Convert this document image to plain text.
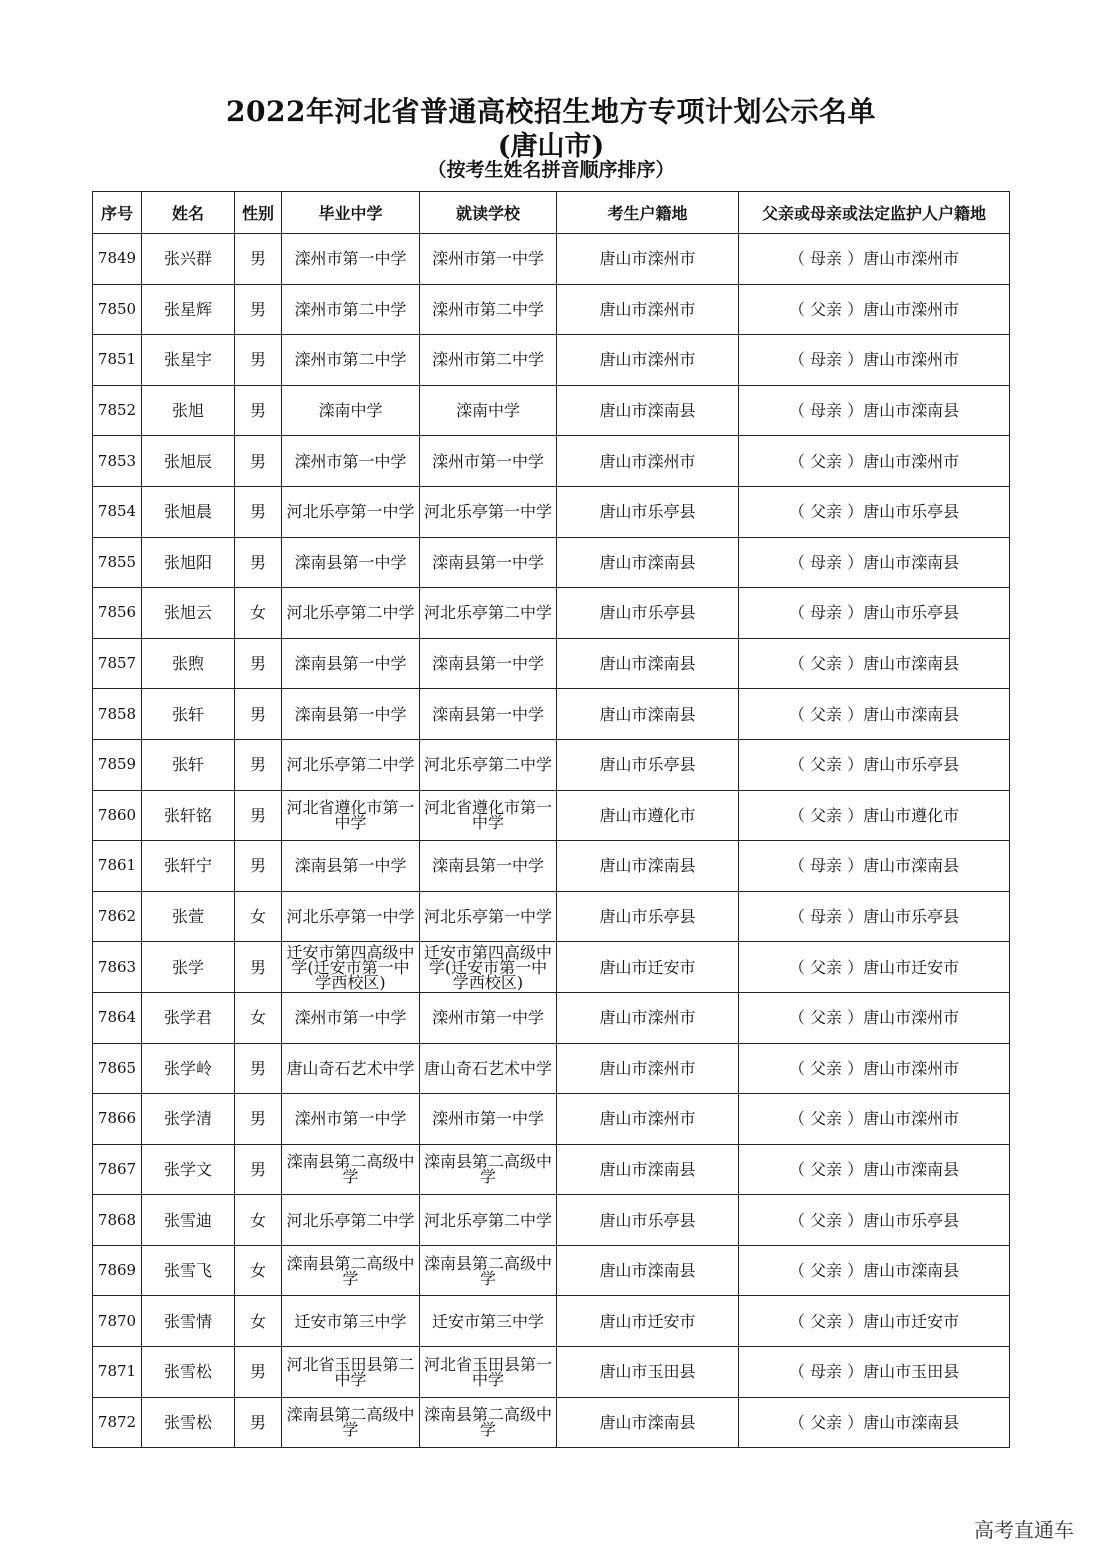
2022年河北省普通高校招生地方专项计划公示名单
(唐山市)
（按考生姓名拼音顺序排序）
序号	姓名	性别	毕业中学	就读学校	考生户籍地	父亲或母亲或法定监护人户籍地
7849	张兴群	男	滦州市第一中学	滦州市第一中学	唐山市滦州市	（ 母亲 ）唐山市滦州市
7850	张星辉	男	滦州市第二中学	滦州市第二中学	唐山市滦州市	（ 父亲 ）唐山市滦州市
7851	张星宇	男	滦州市第二中学	滦州市第二中学	唐山市滦州市	（ 母亲 ）唐山市滦州市
7852	张旭	男	滦南中学	滦南中学	唐山市滦南县	（ 母亲 ）唐山市滦南县
7853	张旭辰	男	滦州市第一中学	滦州市第一中学	唐山市滦州市	（ 父亲 ）唐山市滦州市
7854	张旭晨	男	河北乐亭第一中学	河北乐亭第一中学	唐山市乐亭县	（ 父亲 ）唐山市乐亭县
7855	张旭阳	男	滦南县第一中学	滦南县第一中学	唐山市滦南县	（ 母亲 ）唐山市滦南县
7856	张旭云	女	河北乐亭第二中学	河北乐亭第二中学	唐山市乐亭县	（ 母亲 ）唐山市乐亭县
7857	张煦	男	滦南县第一中学	滦南县第一中学	唐山市滦南县	（ 父亲 ）唐山市滦南县
7858	张轩	男	滦南县第一中学	滦南县第一中学	唐山市滦南县	（ 父亲 ）唐山市滦南县
7859	张轩	男	河北乐亭第二中学	河北乐亭第二中学	唐山市乐亭县	（ 父亲 ）唐山市乐亭县
7860	张轩铭	男	河北省遵化市第一中学	河北省遵化市第一中学	唐山市遵化市	（ 父亲 ）唐山市遵化市
7861	张轩宁	男	滦南县第一中学	滦南县第一中学	唐山市滦南县	（ 母亲 ）唐山市滦南县
7862	张萱	女	河北乐亭第一中学	河北乐亭第一中学	唐山市乐亭县	（ 母亲 ）唐山市乐亭县
7863	张学	男	迁安市第四高级中学(迁安市第一中学西校区)	迁安市第四高级中学(迁安市第一中学西校区)	唐山市迁安市	（ 父亲 ）唐山市迁安市
7864	张学君	女	滦州市第一中学	滦州市第一中学	唐山市滦州市	（ 父亲 ）唐山市滦州市
7865	张学岭	男	唐山奇石艺术中学	唐山奇石艺术中学	唐山市滦州市	（ 父亲 ）唐山市滦州市
7866	张学清	男	滦州市第一中学	滦州市第一中学	唐山市滦州市	（ 父亲 ）唐山市滦州市
7867	张学文	男	滦南县第二高级中学	滦南县第二高级中学	唐山市滦南县	（ 父亲 ）唐山市滦南县
7868	张雪迪	女	河北乐亭第二中学	河北乐亭第二中学	唐山市乐亭县	（ 父亲 ）唐山市乐亭县
7869	张雪飞	女	滦南县第二高级中学	滦南县第二高级中学	唐山市滦南县	（ 父亲 ）唐山市滦南县
7870	张雪情	女	迁安市第三中学	迁安市第三中学	唐山市迁安市	（ 父亲 ）唐山市迁安市
7871	张雪松	男	河北省玉田县第二中学	河北省玉田县第一中学	唐山市玉田县	（ 母亲 ）唐山市玉田县
7872	张雪松	男	滦南县第二高级中学	滦南县第二高级中学	唐山市滦南县	（ 父亲 ）唐山市滦南县
高考直通车
